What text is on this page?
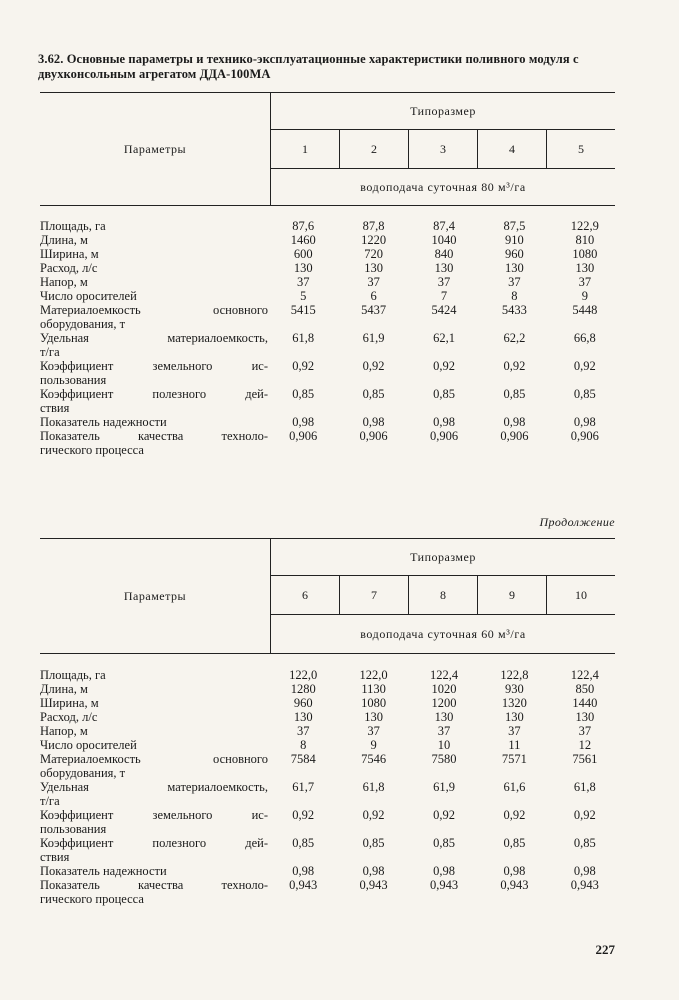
3.62. Основные параметры и технико-эксплуатационные характеристики поливного модуля с двухконсольным агрегатом ДДА-100МА
Параметры
Типоразмер
1	2	3	4	5
водоподача суточная 80 м³/га
Площадь, га	87,6	87,8	87,4	87,5	122,9
Длина, м	1460	1220	1040	910	810
Ширина, м	600	720	840	960	1080
Расход, л/с	130	130	130	130	130
Напор, м	37	37	37	37	37
Число оросителей	5	6	7	8	9
Материалоемкость основного
оборудования, т
5415	5437	5424	5433	5448
Удельная материалоемкость,
т/га
61,8	61,9	62,1	62,2	66,8
Коэффициент земельного ис-
пользования
0,92	0,92	0,92	0,92	0,92
Коэффициент полезного дей-
ствия
0,85	0,85	0,85	0,85	0,85
Показатель надежности	0,98	0,98	0,98	0,98	0,98
Показатель качества техноло-
гического процесса
0,906	0,906	0,906	0,906	0,906
Продолжение
Параметры
Типоразмер
6	7	8	9	10
водоподача суточная 60 м³/га
Площадь, га	122,0	122,0	122,4	122,8	122,4
Длина, м	1280	1130	1020	930	850
Ширина, м	960	1080	1200	1320	1440
Расход, л/с	130	130	130	130	130
Напор, м	37	37	37	37	37
Число оросителей	8	9	10	11	12
Материалоемкость основного
оборудования, т
7584	7546	7580	7571	7561
Удельная материалоемкость,
т/га
61,7	61,8	61,9	61,6	61,8
Коэффициент земельного ис-
пользования
0,92	0,92	0,92	0,92	0,92
Коэффициент полезного дей-
ствия
0,85	0,85	0,85	0,85	0,85
Показатель надежности	0,98	0,98	0,98	0,98	0,98
Показатель качества техноло-
гического процесса
0,943	0,943	0,943	0,943	0,943
227
